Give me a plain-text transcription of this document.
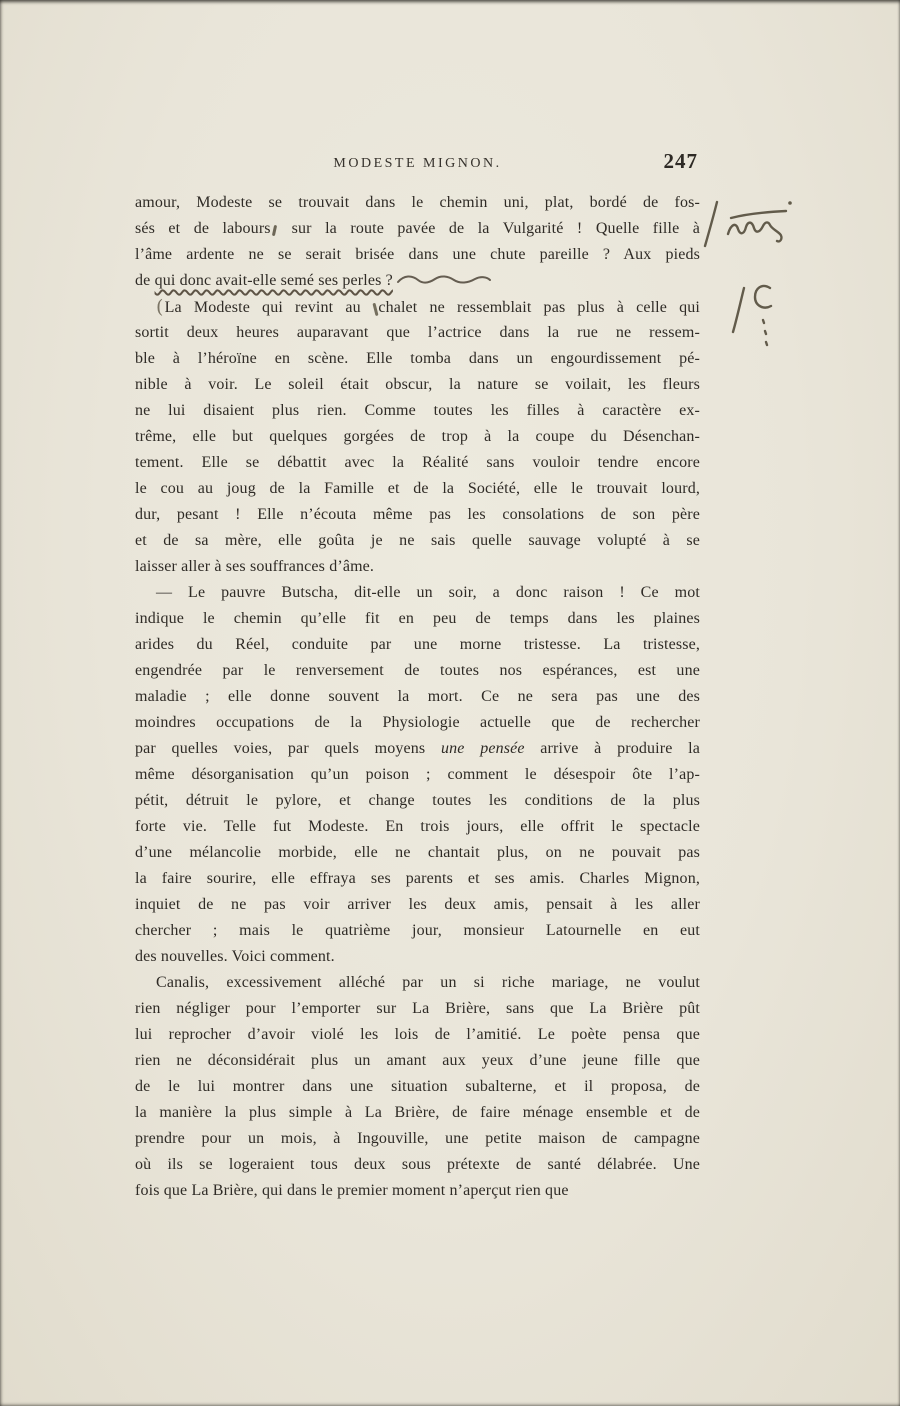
MODESTE MIGNON.	247
amour, Modeste se trouvait dans le chemin uni, plat, bordé de fos-
sés et de labours sur la route pavée de la Vulgarité ! Quelle fille à
l’âme ardente ne se serait brisée dans une chute pareille ? Aux pieds
de qui donc avait-elle semé ses perles ?
(La Modeste qui revint au chalet ne ressemblait pas plus à celle qui
sortit deux heures auparavant que l’actrice dans la rue ne ressem-
ble à l’héroïne en scène. Elle tomba dans un engourdissement pé-
nible à voir. Le soleil était obscur, la nature se voilait, les fleurs
ne lui disaient plus rien. Comme toutes les filles à caractère ex-
trême, elle but quelques gorgées de trop à la coupe du Désenchan-
tement. Elle se débattit avec la Réalité sans vouloir tendre encore
le cou au joug de la Famille et de la Société, elle le trouvait lourd,
dur, pesant ! Elle n’écouta même pas les consolations de son père
et de sa mère, elle goûta je ne sais quelle sauvage volupté à se
laisser aller à ses souffrances d’âme.
— Le pauvre Butscha, dit-elle un soir, a donc raison ! Ce mot
indique le chemin qu’elle fit en peu de temps dans les plaines
arides du Réel, conduite par une morne tristesse. La tristesse,
engendrée par le renversement de toutes nos espérances, est une
maladie ; elle donne souvent la mort. Ce ne sera pas une des
moindres occupations de la Physiologie actuelle que de rechercher
par quelles voies, par quels moyens une pensée arrive à produire la
même désorganisation qu’un poison ; comment le désespoir ôte l’ap-
pétit, détruit le pylore, et change toutes les conditions de la plus
forte vie. Telle fut Modeste. En trois jours, elle offrit le spectacle
d’une mélancolie morbide, elle ne chantait plus, on ne pouvait pas
la faire sourire, elle effraya ses parents et ses amis. Charles Mignon,
inquiet de ne pas voir arriver les deux amis, pensait à les aller
chercher ; mais le quatrième jour, monsieur Latournelle en eut
des nouvelles. Voici comment.
Canalis, excessivement alléché par un si riche mariage, ne voulut
rien négliger pour l’emporter sur La Brière, sans que La Brière pût
lui reprocher d’avoir violé les lois de l’amitié. Le poète pensa que
rien ne déconsidérait plus un amant aux yeux d’une jeune fille que
de le lui montrer dans une situation subalterne, et il proposa, de
la manière la plus simple à La Brière, de faire ménage ensemble et de
prendre pour un mois, à Ingouville, une petite maison de campagne
où ils se logeraient tous deux sous prétexte de santé délabrée. Une
fois que La Brière, qui dans le premier moment n’aperçut rien que
